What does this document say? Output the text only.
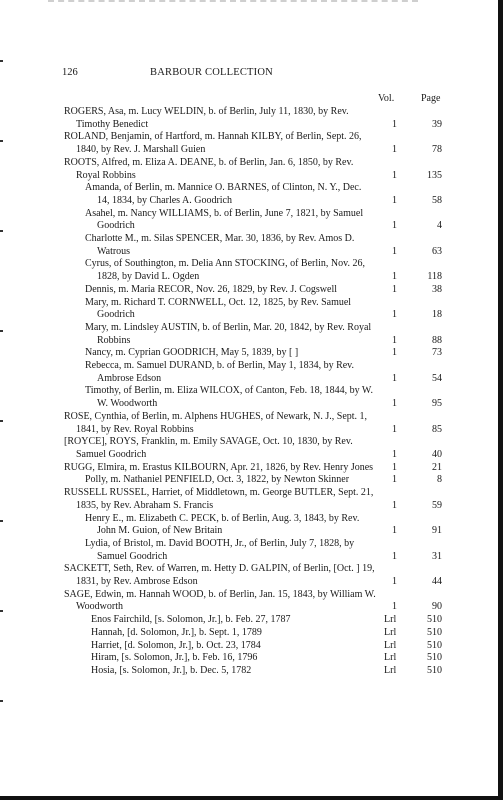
126	BARBOUR COLLECTION
Vol.	Page
ROGERS, Asa, m. Lucy WELDIN, b. of Berlin, July 11, 1830, by Rev. Timothy Benedict	1	39
ROLAND, Benjamin, of Hartford, m. Hannah KILBY, of Berlin, Sept. 26, 1840, by Rev. J. Marshall Guien	1	78
ROOTS, Alfred, m. Eliza A. DEANE, b. of Berlin, Jan. 6, 1850, by Rev. Royal Robbins	1	135
Amanda, of Berlin, m. Mannice O. BARNES, of Clinton, N. Y., Dec. 14, 1834, by Charles A. Goodrich	1	58
Asahel, m. Nancy WILLIAMS, b. of Berlin, June 7, 1821, by Samuel Goodrich	1	4
Charlotte M., m. Silas SPENCER, Mar. 30, 1836, by Rev. Amos D. Watrous	1	63
Cyrus, of Southington, m. Delia Ann STOCKING, of Berlin, Nov. 26, 1828, by David L. Ogden	1	118
Dennis, m. Maria RECOR, Nov. 26, 1829, by Rev. J. Cogswell	1	38
Mary, m. Richard T. CORNWELL, Oct. 12, 1825, by Rev. Samuel Goodrich	1	18
Mary, m. Lindsley AUSTIN, b. of Berlin, Mar. 20, 1842, by Rev. Royal Robbins	1	88
Nancy, m. Cyprian GOODRICH, May 5, 1839, by [ ]	1	73
Rebecca, m. Samuel DURAND, b. of Berlin, May 1, 1834, by Rev. Ambrose Edson	1	54
Timothy, of Berlin, m. Eliza WILCOX, of Canton, Feb. 18, 1844, by W. W. Woodworth	1	95
ROSE, Cynthia, of Berlin, m. Alphens HUGHES, of Newark, N. J., Sept. 1, 1841, by Rev. Royal Robbins	1	85
[ROYCE], ROYS, Franklin, m. Emily SAVAGE, Oct. 10, 1830, by Rev. Samuel Goodrich	1	40
RUGG, Elmira, m. Erastus KILBOURN, Apr. 21, 1826, by Rev. Henry Jones 1	21
Polly, m. Nathaniel PENFIELD, Oct. 3, 1822, by Newton Skinner	1	8
RUSSELL RUSSEL, Harriet, of Middletown, m. George BUTLER, Sept. 21, 1835, by Rev. Abraham S. Francis	1	59
Henry E., m. Elizabeth C. PECK, b. of Berlin, Aug. 3, 1843, by Rev. John M. Guion, of New Britain	1	91
Lydia, of Bristol, m. David BOOTH, Jr., of Berlin, July 7, 1828, by Samuel Goodrich	1	31
SACKETT, Seth, Rev. of Warren, m. Hetty D. GALPIN, of Berlin, [Oct. ] 19, 1831, by Rev. Ambrose Edson	1	44
SAGE, Edwin, m. Hannah WOOD, b. of Berlin, Jan. 15, 1843, by William W. Woodworth	1	90
Enos Fairchild, [s. Solomon, Jr.], b. Feb. 27, 1787	Lrl	510
Hannah, [d. Solomon, Jr.], b. Sept. 1, 1789	Lrl	510
Harriet, [d. Solomon, Jr.], b. Oct. 23, 1784	Lrl	510
Hiram, [s. Solomon, Jr.], b. Feb. 16, 1796	Lrl	510
Hosia, [s. Solomon, Jr.], b. Dec. 5, 1782	Lrl	510
